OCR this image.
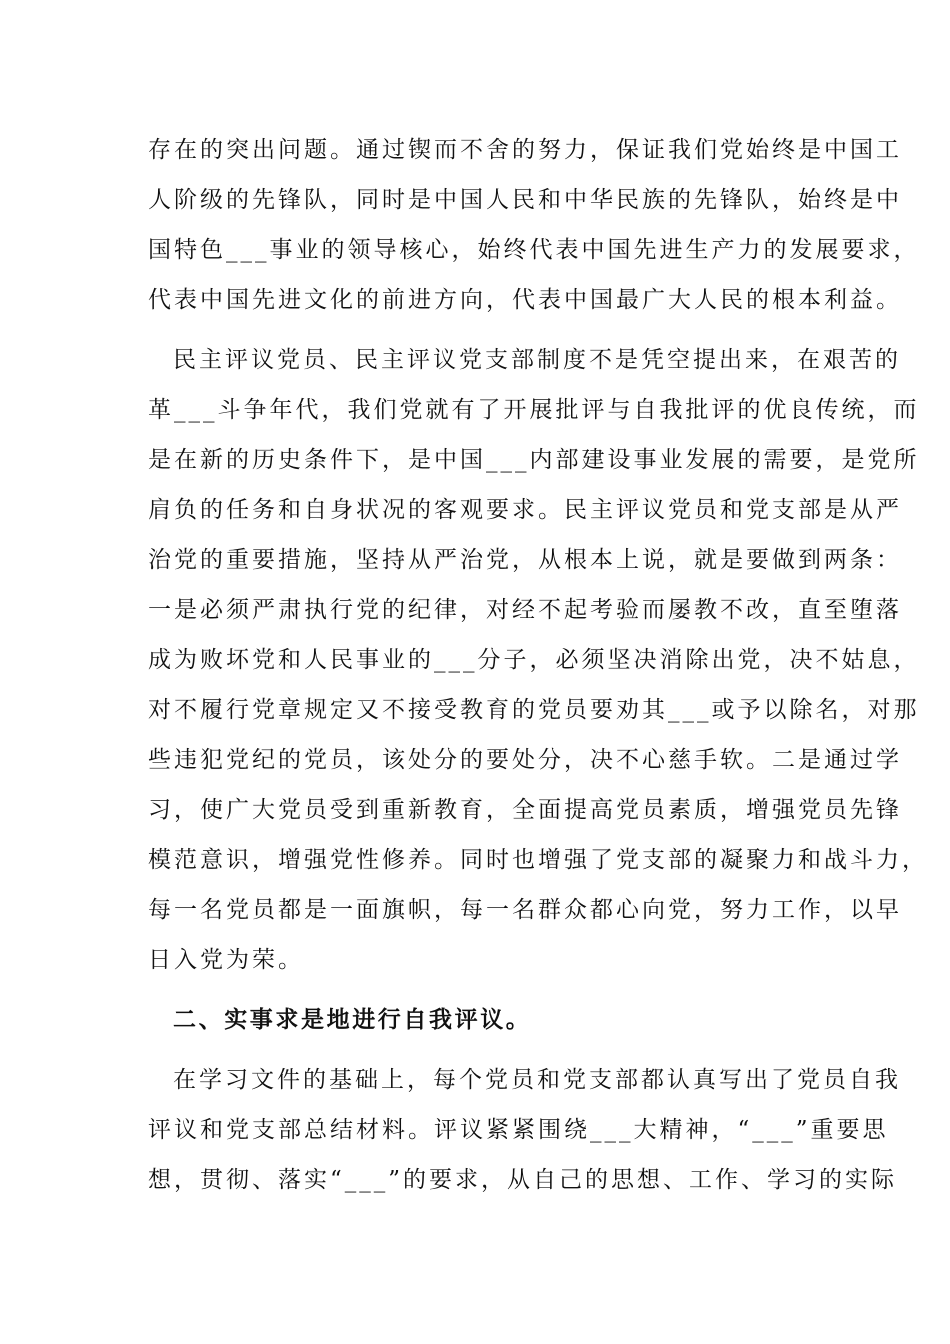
存在的突出问题。通过锲而不舍的努力，保证我们党始终是中国工
人阶级的先锋队，同时是中国人民和中华民族的先锋队，始终是中
国特色___事业的领导核心，始终代表中国先进生产力的发展要求，
代表中国先进文化的前进方向，代表中国最广大人民的根本利益。
民主评议党员、民主评议党支部制度不是凭空提出来，在艰苦的
革___斗争年代，我们党就有了开展批评与自我批评的优良传统，而
是在新的历史条件下，是中国___内部建设事业发展的需要，是党所
肩负的任务和自身状况的客观要求。民主评议党员和党支部是从严
治党的重要措施，坚持从严治党，从根本上说，就是要做到两条：
一是必须严肃执行党的纪律，对经不起考验而屡教不改，直至堕落
成为败坏党和人民事业的___分子，必须坚决消除出党，决不姑息，
对不履行党章规定又不接受教育的党员要劝其___或予以除名，对那
些违犯党纪的党员，该处分的要处分，决不心慈手软。二是通过学
习，使广大党员受到重新教育，全面提高党员素质，增强党员先锋
模范意识，增强党性修养。同时也增强了党支部的凝聚力和战斗力，
每一名党员都是一面旗帜，每一名群众都心向党，努力工作，以早
日入党为荣。
二、实事求是地进行自我评议。
在学习文件的基础上，每个党员和党支部都认真写出了党员自我
评议和党支部总结材料。评议紧紧围绕___大精神，“___”重要思
想，贯彻、落实“___”的要求，从自己的思想、工作、学习的实际
